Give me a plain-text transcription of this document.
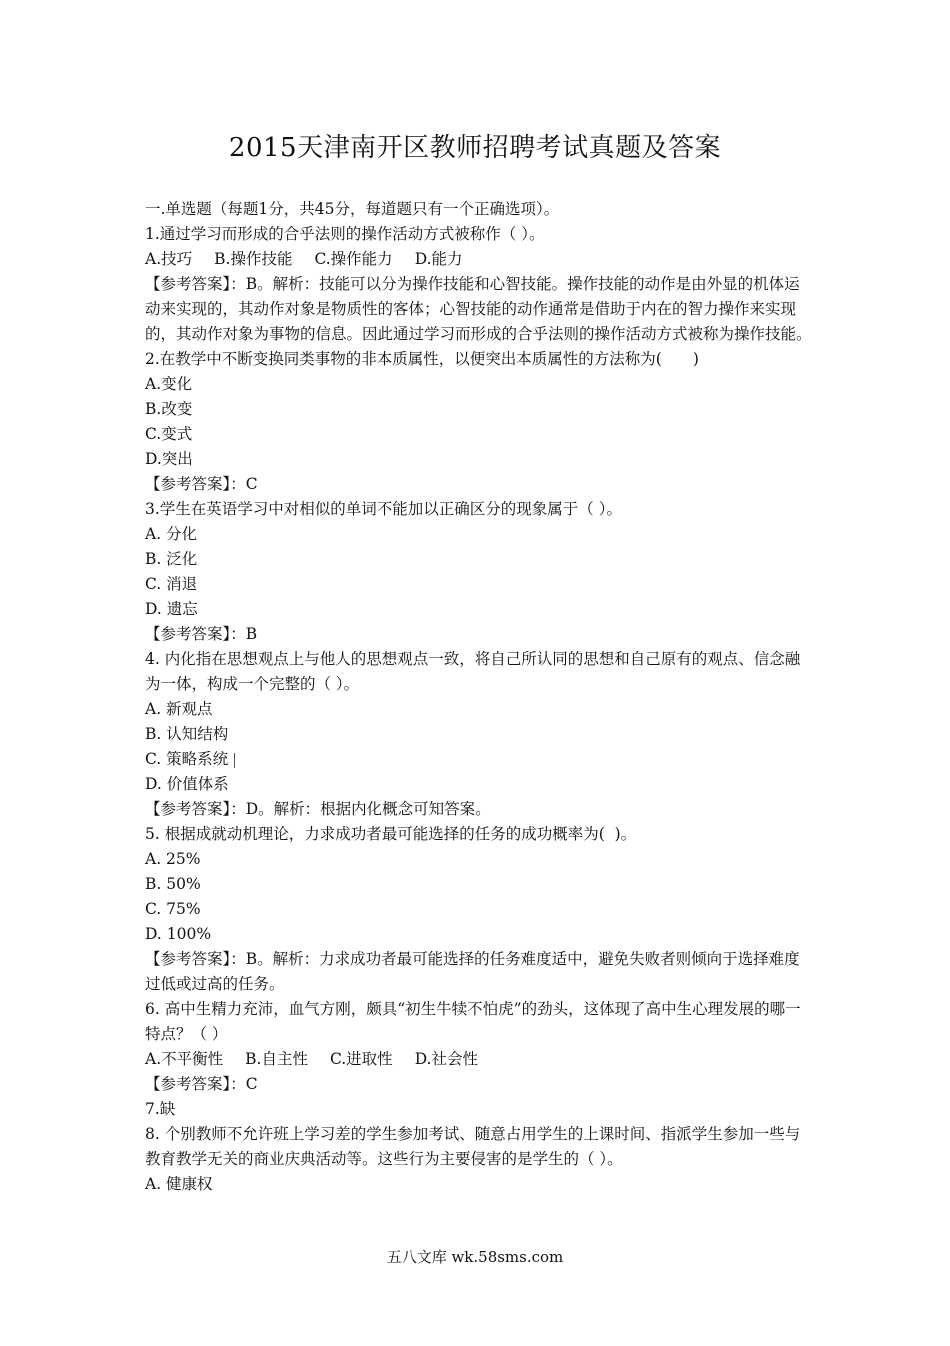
2015天津南开区教师招聘考试真题及答案

一.单选题（每题1分，共45分，每道题只有一个正确选项）。

1.通过学习而形成的合乎法则的操作活动方式被称作（ ）。

A.技巧 B.操作技能 C.操作能力 D.能力

【参考答案】：B。解析：技能可以分为操作技能和心智技能。操作技能的动作是由外显的机体运动来实现的，其动作对象是物质性的客体；心智技能的动作通常是借助于内在的智力操作来实现的，其动作对象为事物的信息。因此通过学习而形成的合乎法则的操作活动方式被称为操作技能。

2.在教学中不断变换同类事物的非本质属性，以便突出本质属性的方法称为(　　)

A.变化

B.改变

C.变式

D.突出

【参考答案】：C

3.学生在英语学习中对相似的单词不能加以正确区分的现象属于（ ）。

A. 分化

B. 泛化

C. 消退

D. 遗忘

【参考答案】：B

4. 内化指在思想观点上与他人的思想观点一致，将自己所认同的思想和自己原有的观点、信念融为一体，构成一个完整的（ ）。

A. 新观点

B. 认知结构

C. 策略系统

D. 价值体系

【参考答案】：D。解析：根据内化概念可知答案。

5. 根据成就动机理论，力求成功者最可能选择的任务的成功概率为(  )。

A. 25%

B. 50%

C. 75%

D. 100%

【参考答案】：B。解析：力求成功者最可能选择的任务难度适中，避免失败者则倾向于选择难度过低或过高的任务。

6. 高中生精力充沛，血气方刚，颇具“初生牛犊不怕虎”的劲头，这体现了高中生心理发展的哪一特点？（ ）

A.不平衡性 B.自主性 C.进取性 D.社会性

【参考答案】：C

7.缺

8. 个别教师不允许班上学习差的学生参加考试、随意占用学生的上课时间、指派学生参加一些与教育教学无关的商业庆典活动等。这些行为主要侵害的是学生的（ ）。

A. 健康权

五八文库 wk.58sms.com
